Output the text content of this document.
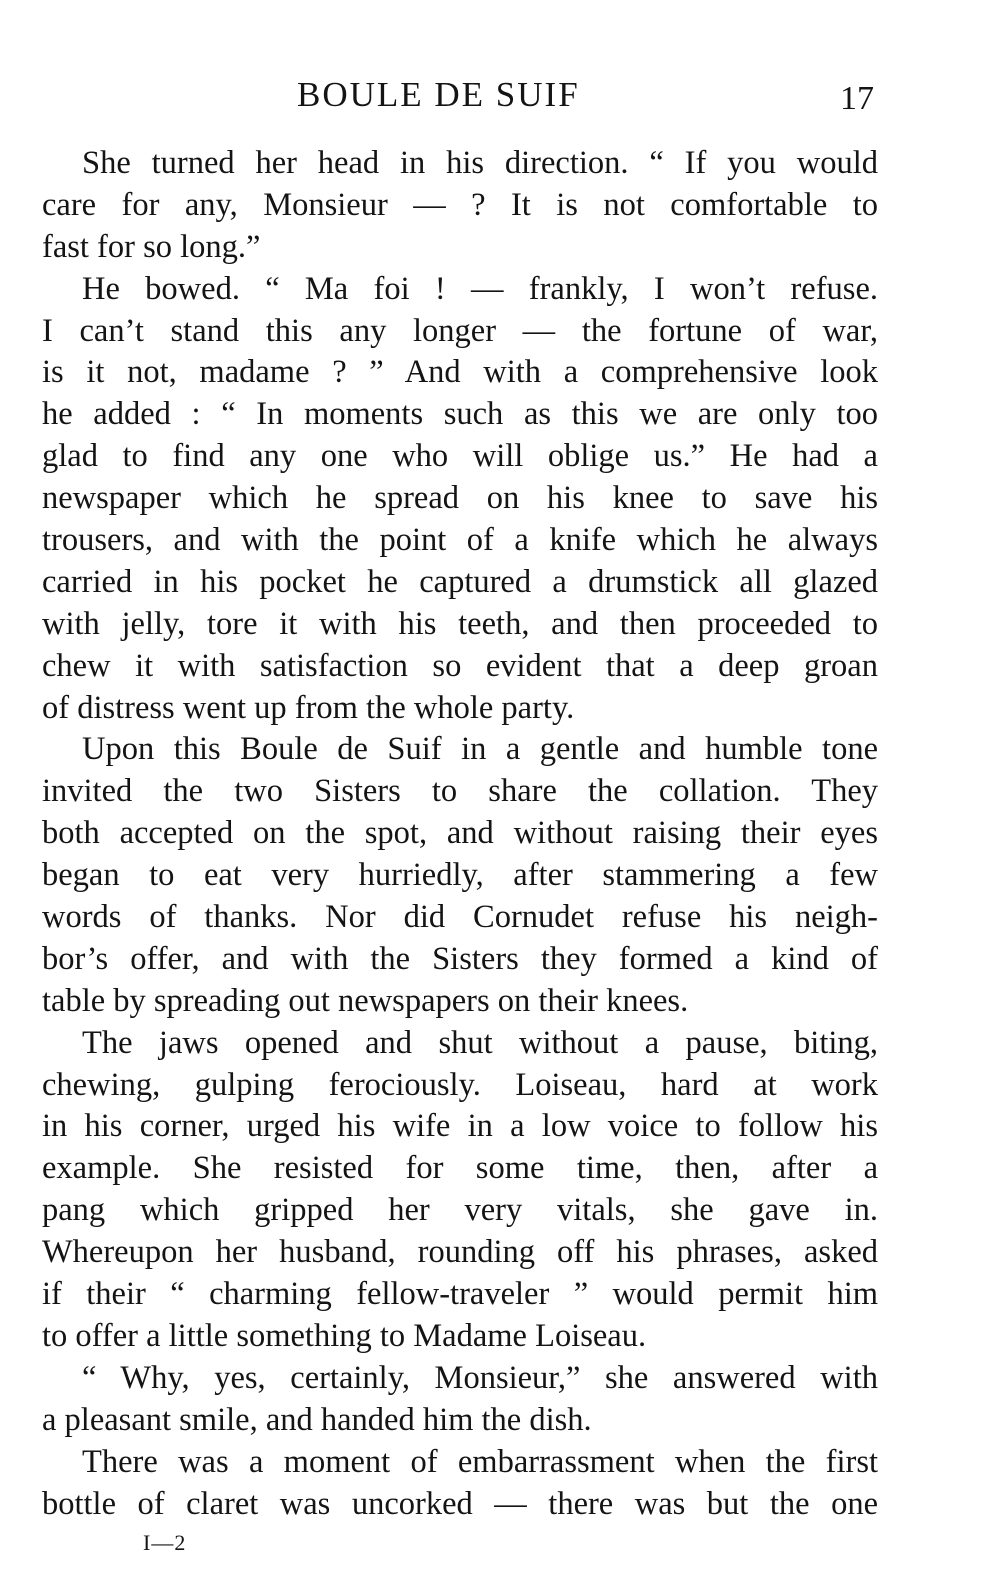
BOULE DE SUIF	17
She turned her head in his direction. “ If you would
care for any, Monsieur — ? It is not comfortable to
fast for so long.”
He bowed. “ Ma foi ! — frankly, I won’t refuse.
I can’t stand this any longer — the fortune of war,
is it not, madame ? ” And with a comprehensive look
he added : “ In moments such as this we are only too
glad to find any one who will oblige us.” He had a
newspaper which he spread on his knee to save his
trousers, and with the point of a knife which he always
carried in his pocket he captured a drumstick all glazed
with jelly, tore it with his teeth, and then proceeded to
chew it with satisfaction so evident that a deep groan
of distress went up from the whole party.
Upon this Boule de Suif in a gentle and humble tone
invited the two Sisters to share the collation. They
both accepted on the spot, and without raising their eyes
began to eat very hurriedly, after stammering a few
words of thanks. Nor did Cornudet refuse his neigh-
bor’s offer, and with the Sisters they formed a kind of
table by spreading out newspapers on their knees.
The jaws opened and shut without a pause, biting,
chewing, gulping ferociously. Loiseau, hard at work
in his corner, urged his wife in a low voice to follow his
example. She resisted for some time, then, after a
pang which gripped her very vitals, she gave in.
Whereupon her husband, rounding off his phrases, asked
if their “ charming fellow-traveler ” would permit him
to offer a little something to Madame Loiseau.
“ Why, yes, certainly, Monsieur,” she answered with
a pleasant smile, and handed him the dish.
There was a moment of embarrassment when the first
bottle of claret was uncorked — there was but the one
I—2
